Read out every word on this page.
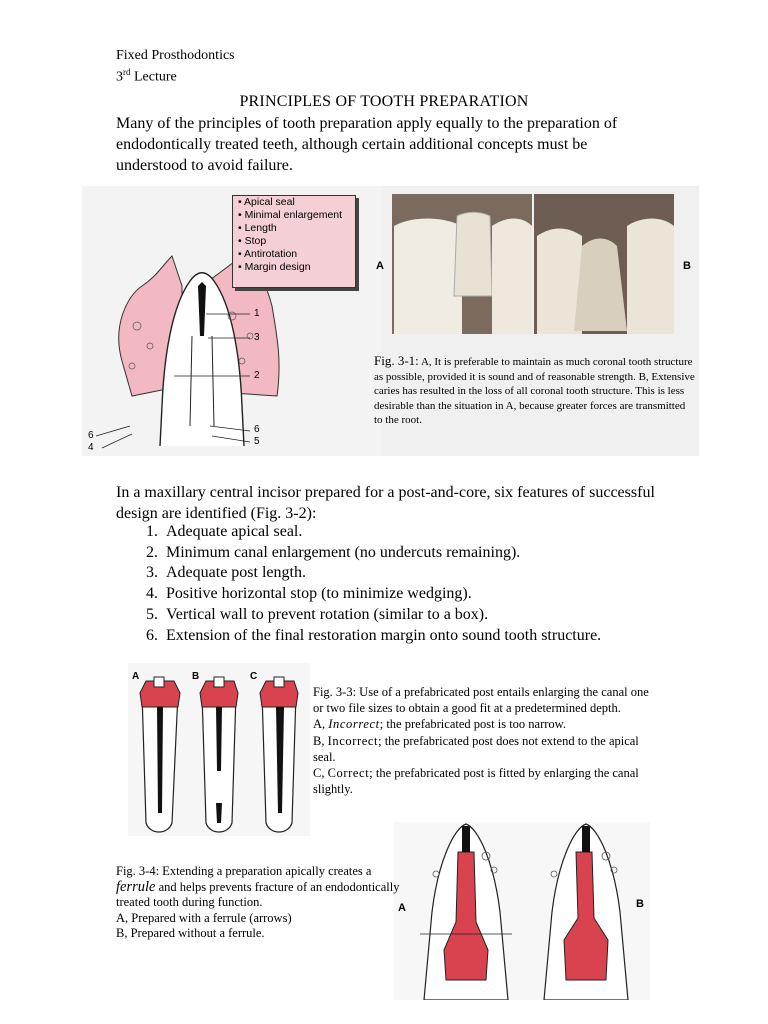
Fixed Prosthodontics
3rd Lecture
PRINCIPLES OF TOOTH PREPARATION
Many of the principles of tooth preparation apply equally to the preparation of endodontically treated teeth, although certain additional concepts must be understood to avoid failure.
A	B
1
3
2
6
5
6
4
• Apical seal
• Minimal enlargement
• Length
• Stop
• Antirotation
• Margin design
Fig. 3-1: A, It is preferable to maintain as much coronal tooth structure as possible, provided it is sound and of reasonable strength. B, Extensive caries has resulted in the loss of all coronal tooth structure. This is less desirable than the situation in A, because greater forces are transmitted to the root.
In a maxillary central incisor prepared for a post-and-core, six features of successful design are identified (Fig. 3-2):
1. Adequate apical seal.
2. Minimum canal enlargement (no undercuts remaining).
3. Adequate post length.
4. Positive horizontal stop (to minimize wedging).
5. Vertical wall to prevent rotation (similar to a box).
6. Extension of the final restoration margin onto sound tooth structure.
A	B	C
Fig. 3-3: Use of a prefabricated post entails enlarging the canal one or two file sizes to obtain a good fit at a predetermined depth.
A, Incorrect; the prefabricated post is too narrow.
B, Incorrect; the prefabricated post does not extend to the apical seal.
C, Correct; the prefabricated post is fitted by enlarging the canal slightly.
A	B
Fig. 3-4: Extending a preparation apically creates a ferrule and helps prevents fracture of an endodontically treated tooth during function.
A, Prepared with a ferrule (arrows)
B, Prepared without a ferrule.
